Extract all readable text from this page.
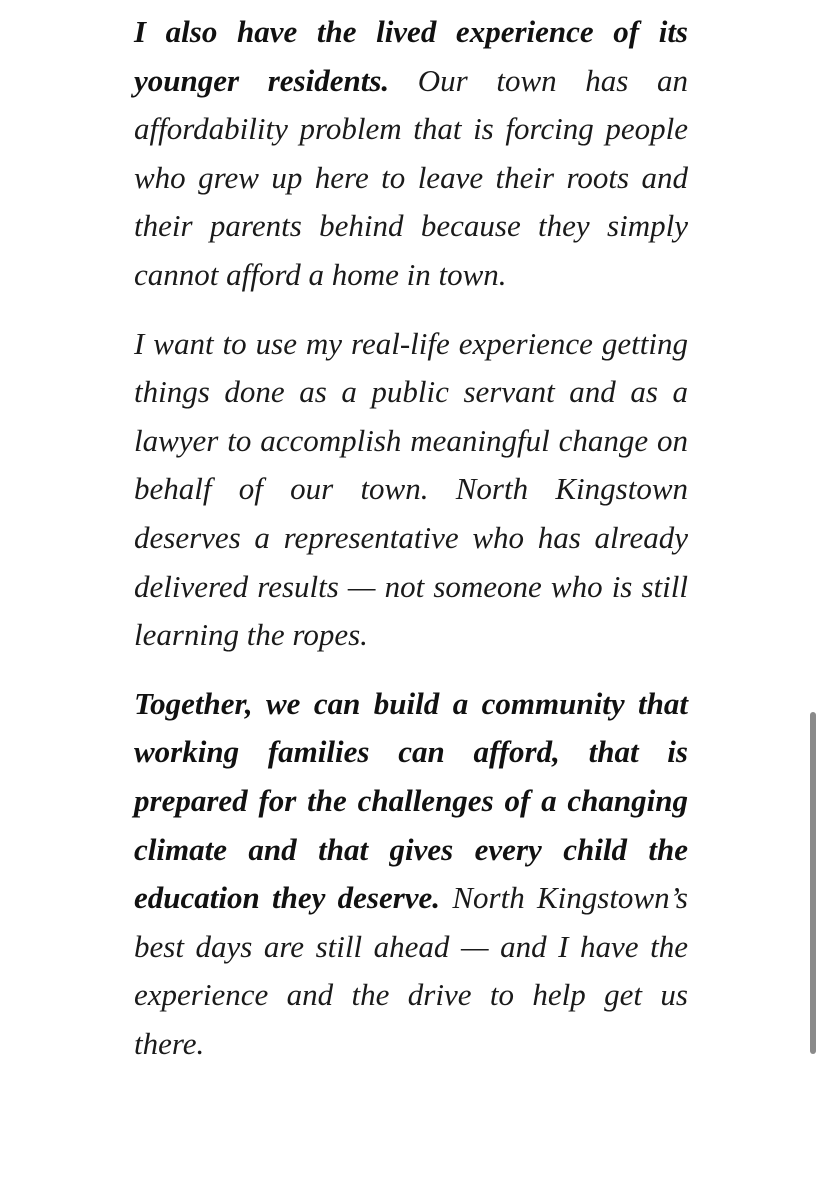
I also have the lived experience of its younger residents. Our town has an affordability problem that is forcing people who grew up here to leave their roots and their parents behind because they simply cannot afford a home in town.

I want to use my real-life experience getting things done as a public servant and as a lawyer to accomplish meaningful change on behalf of our town. North Kingstown deserves a representative who has already delivered results — not someone who is still learning the ropes.

Together, we can build a community that working families can afford, that is prepared for the challenges of a changing climate and that gives every child the education they deserve. North Kingstown’s best days are still ahead — and I have the experience and the drive to help get us there.
